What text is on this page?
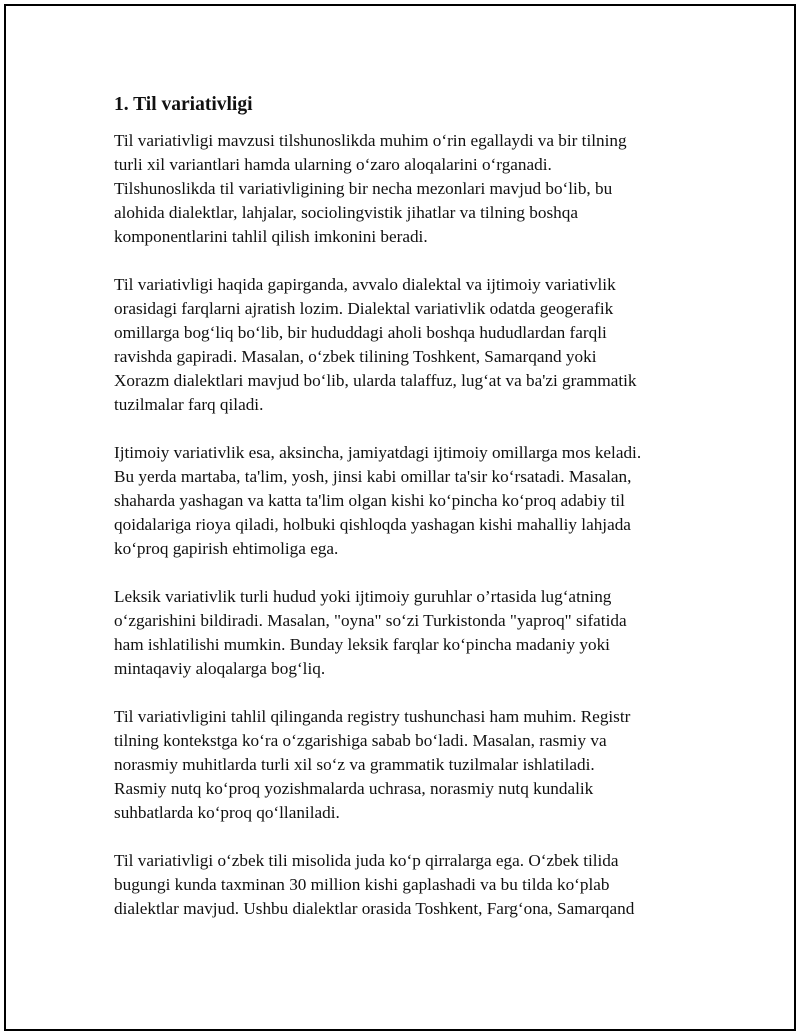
1. Til variativligi

Til variativligi mavzusi tilshunoslikda muhim o‘rin egallaydi va bir tilning
turli xil variantlari hamda ularning o‘zaro aloqalarini o‘rganadi.
Tilshunoslikda til variativligining bir necha mezonlari mavjud bo‘lib, bu
alohida dialektlar, lahjalar, sociolingvistik jihatlar va tilning boshqa
komponentlarini tahlil qilish imkonini beradi.

Til variativligi haqida gapirganda, avvalo dialektal va ijtimoiy variativlik
orasidagi farqlarni ajratish lozim. Dialektal variativlik odatda geogerafik
omillarga bog‘liq bo‘lib, bir hududdagi aholi boshqa hududlardan farqli
ravishda gapiradi. Masalan, o‘zbek tilining Toshkent, Samarqand yoki
Xorazm dialektlari mavjud bo‘lib, ularda talaffuz, lug‘at va ba'zi grammatik
tuzilmalar farq qiladi.

Ijtimoiy variativlik esa, aksincha, jamiyatdagi ijtimoiy omillarga mos keladi.
Bu yerda martaba, ta'lim, yosh, jinsi kabi omillar ta'sir ko‘rsatadi. Masalan,
shaharda yashagan va katta ta'lim olgan kishi ko‘pincha ko‘proq adabiy til
qoidalariga rioya qiladi, holbuki qishloqda yashagan kishi mahalliy lahjada
ko‘proq gapirish ehtimoliga ega.

Leksik variativlik turli hudud yoki ijtimoiy guruhlar o’rtasida lug‘atning
o‘zgarishini bildiradi. Masalan, "oyna" so‘zi Turkistonda "yaproq" sifatida
ham ishlatilishi mumkin. Bunday leksik farqlar ko‘pincha madaniy yoki
mintaqaviy aloqalarga bog‘liq.

Til variativligini tahlil qilinganda registry tushunchasi ham muhim. Registr
tilning kontekstga ko‘ra o‘zgarishiga sabab bo‘ladi. Masalan, rasmiy va
norasmiy muhitlarda turli xil so‘z va grammatik tuzilmalar ishlatiladi.
Rasmiy nutq ko‘proq yozishmalarda uchrasa, norasmiy nutq kundalik
suhbatlarda ko‘proq qo‘llaniladi.

Til variativligi o‘zbek tili misolida juda ko‘p qirralarga ega. O‘zbek tilida
bugungi kunda taxminan 30 million kishi gaplashadi va bu tilda ko‘plab
dialektlar mavjud. Ushbu dialektlar orasida Toshkent, Farg‘ona, Samarqand
